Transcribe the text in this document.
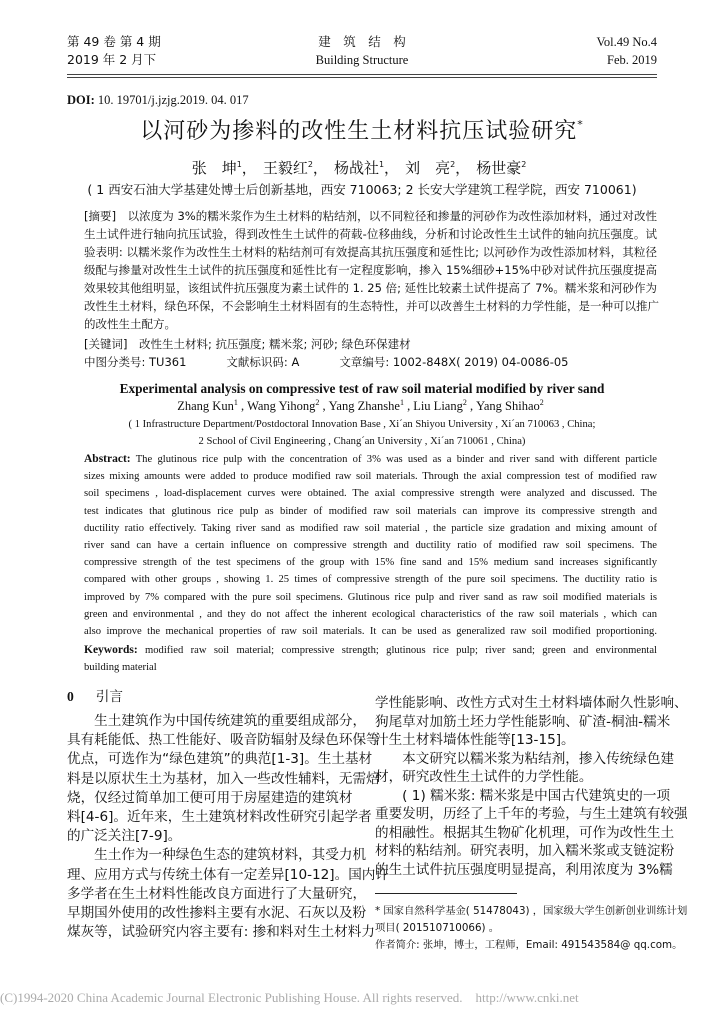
第 49 卷 第 4 期
2019 年 2 月下
建　筑　结　构
Building Structure
Vol.49 No.4
Feb. 2019
DOI: 10. 19701/j.jzjg.2019. 04. 017
以河砂为掺料的改性生土材料抗压试验研究*
张　坤$^1$， 王毅红$^2$， 杨战社$^1$， 刘　亮$^2$， 杨世豪$^2$
( 1 西安石油大学基建处博士后创新基地，西安 710063; 2 长安大学建筑工程学院，西安 710061)
[摘要]　以浓度为 3%的糯米浆作为生土材料的粘结剂，以不同粒径和掺量的河砂作为改性添加材料，通过对改性
生土试件进行轴向抗压试验，得到改性生土试件的荷载-位移曲线，分析和讨论改性生土试件的轴向抗压强度。试
验表明: 以糯米浆作为改性生土材料的粘结剂可有效提高其抗压强度和延性比; 以河砂作为改性添加材料，其粒径
级配与掺量对改性生土试件的抗压强度和延性比有一定程度影响，掺入 15%细砂+15%中砂对试件抗压强度提高
效果较其他组明显，该组试件抗压强度为素土试件的 1. 25 倍; 延性比较素土试件提高了 7%。糯米浆和河砂作为
改性生土材料，绿色环保，不会影响生土材料固有的生态特性，并可以改善生土材料的力学性能，是一种可以推广
的改性生土配方。
[关键词]　改性生土材料; 抗压强度; 糯米浆; 河砂; 绿色环保建材
中图分类号: TU361	文献标识码: A	文章编号: 1002-848X( 2019) 04-0086-05
Experimental analysis on compressive test of raw soil material modified by river sand
Zhang Kun$^1$ , Wang Yihong$^2$ , Yang Zhanshe$^1$ , Liu Liang$^2$ , Yang Shihao$^2$
( 1 Infrastructure Department/Postdoctoral Innovation Base , Xi´an Shiyou University , Xi´an 710063 , China;
2 School of Civil Engineering , Chang´an University , Xi´an 710061 , China)
Abstract: The glutinous rice pulp with the concentration of 3% was used as a binder and river sand with different particle
sizes mixing amounts were added to produce modified raw soil materials. Through the axial compression test of modified raw
soil specimens , load-displacement curves were obtained. The axial compressive strength were analyzed and discussed. The
test indicates that glutinous rice pulp as binder of modified raw soil materials can improve its compressive strength and
ductility ratio effectively. Taking river sand as modified raw soil material , the particle size gradation and mixing amount of
river sand can have a certain influence on compressive strength and ductility ratio of modified raw soil specimens. The
compressive strength of the test specimens of the group with 15% fine sand and 15% medium sand increases significantly
compared with other groups , showing 1. 25 times of compressive strength of the pure soil specimens. The ductility ratio is
improved by 7% compared with the pure soil specimens. Glutinous rice pulp and river sand as raw soil modified materials is
green and environmental , and they do not affect the inherent ecological characteristics of the raw soil materials , which can
also improve the mechanical properties of raw soil materials. It can be used as generalized raw soil modified proportioning.
Keywords: modified raw soil material; compressive strength; glutinous rice pulp; river sand; green and environmental
building material
0 引言
　　生土建筑作为中国传统建筑的重要组成部分，
具有耗能低、热工性能好、吸音防辐射及绿色环保等
优点，可选作为“绿色建筑”的典范[1-3]。生土基材
料是以原状生土为基材，加入一些改性辅料，无需焙
烧，仅经过简单加工便可用于房屋建造的建筑材
料[4-6]。近年来，生土建筑材料改性研究引起学者
的广泛关注[7-9]。
　　生土作为一种绿色生态的建筑材料，其受力机
理、应用方式与传统土体有一定差异[10-12]。国内许
多学者在生土材料性能改良方面进行了大量研究，
早期国外使用的改性掺料主要有水泥、石灰以及粉
煤灰等，试验研究内容主要有: 掺和料对生土材料力
学性能影响、改性方式对生土材料墙体耐久性影响、
狗尾草对加筋土坯力学性能影响、矿渣-桐油-糯米
汁生土材料墙体性能等[13-15]。
　　本文研究以糯米浆为粘结剂，掺入传统绿色建
材，研究改性生土试件的力学性能。
　　( 1) 糯米浆: 糯米浆是中国古代建筑史的一项
重要发明，历经了上千年的考验，与生土建筑有较强
的相融性。根据其生物矿化机理，可作为改性生土
材料的粘结剂。研究表明，加入糯米浆或支链淀粉
的生土试件抗压强度明显提高，利用浓度为 3%糯
* 国家自然科学基金( 51478043) ，国家级大学生创新创业训练计划
项目( 201510710066) 。
作者简介: 张坤，博士，工程师，Email: 491543584@ qq.com。
(C)1994-2020 China Academic Journal Electronic Publishing House. All rights reserved.    http://www.cnki.net
